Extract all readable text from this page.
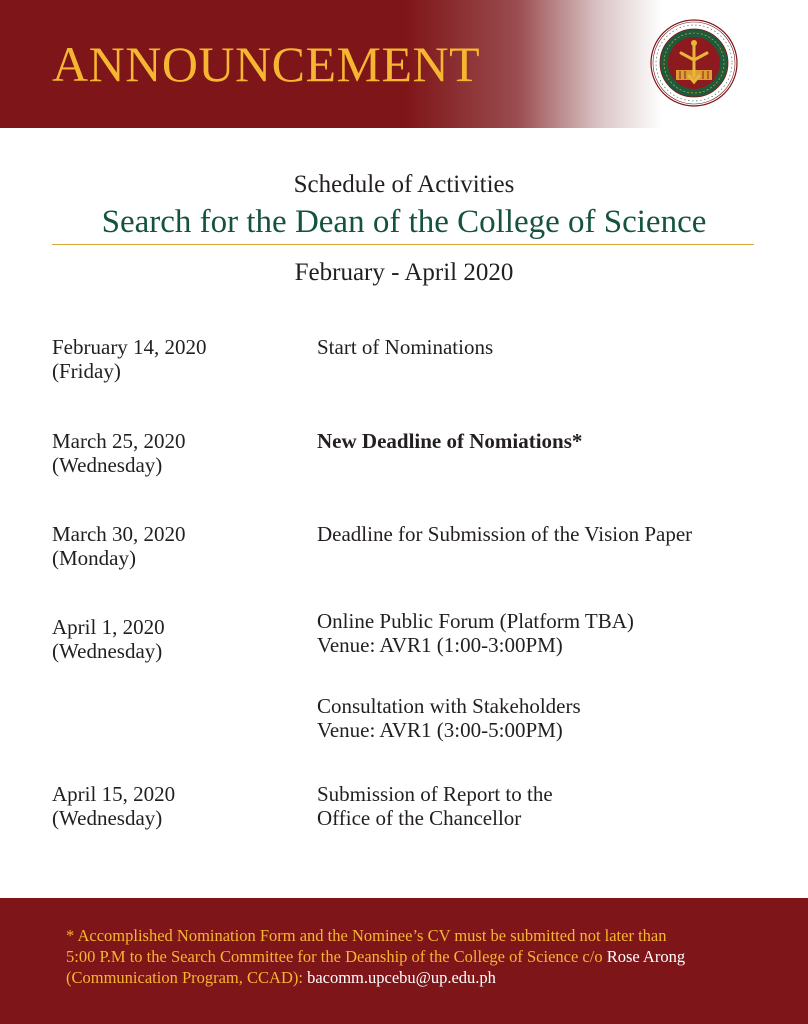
ANNOUNCEMENT
Schedule of Activities
Search for the Dean of the College of Science
February - April 2020
February 14, 2020
(Friday)
Start of Nominations
March 25, 2020
(Wednesday)
New Deadline of Nomiations*
March 30, 2020
(Monday)
Deadline for Submission of the Vision Paper
April 1, 2020
(Wednesday)
Online Public Forum (Platform TBA)
Venue: AVR1 (1:00-3:00PM)
Consultation with Stakeholders
Venue: AVR1 (3:00-5:00PM)
April 15, 2020
(Wednesday)
Submission of Report to the
Office of the Chancellor
* Accomplished Nomination Form and the Nominee’s CV must be submitted not later than
5:00 P.M to the Search Committee for the Deanship of the College of Science c/o Rose Arong
(Communication Program, CCAD): bacomm.upcebu@up.edu.ph
